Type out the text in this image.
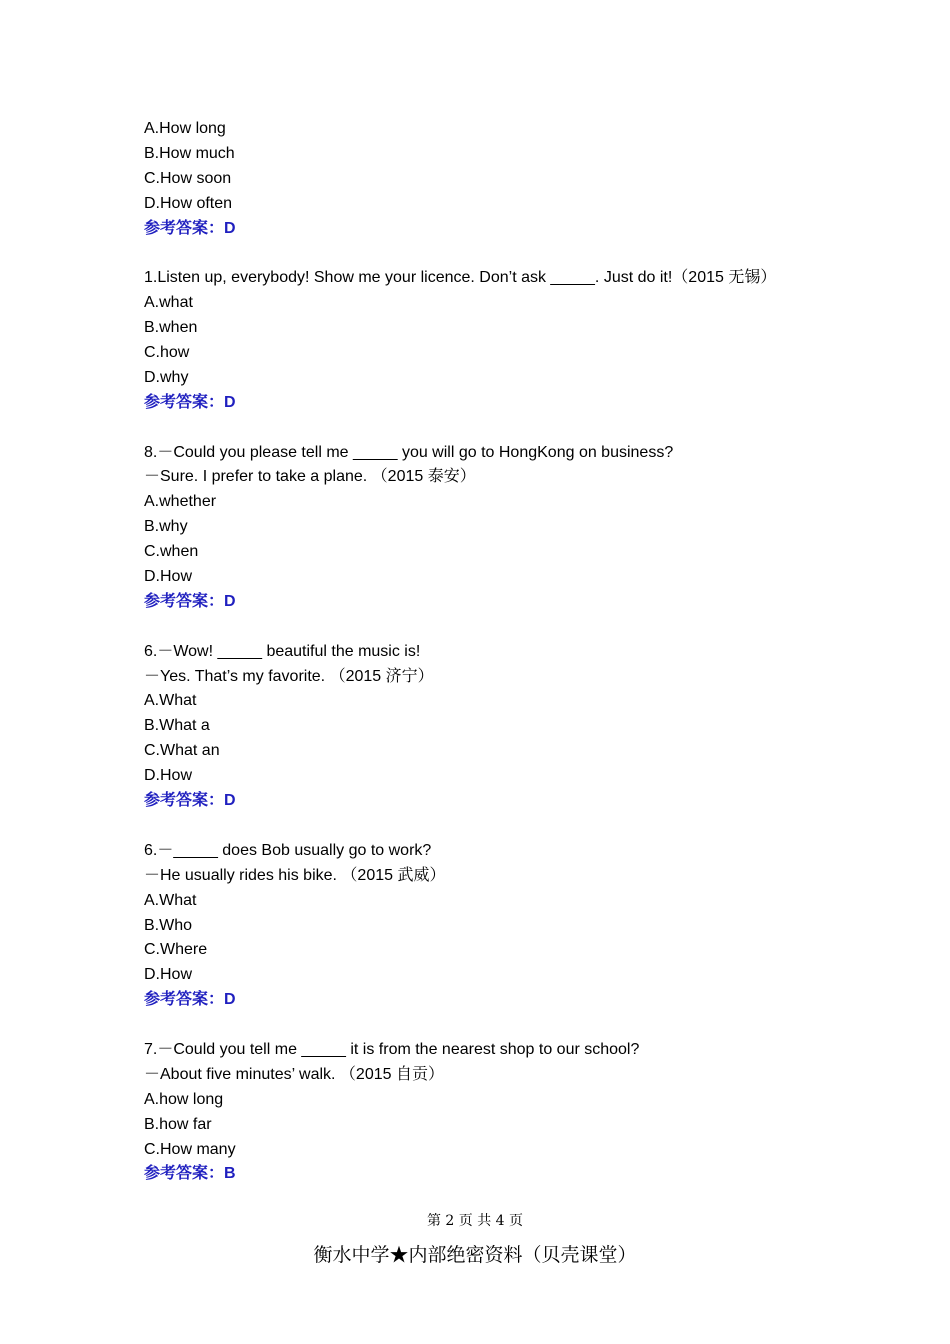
A.How long
B.How much
C.How soon
D.How often
参考答案：D
1.Listen up, everybody! Show me your licence. Don’t ask _____. Just do it!（2015 无锡）
A.what
B.when
C.how
D.why
参考答案：D
8.－Could you please tell me _____ you will go to HongKong on business?
－Sure. I prefer to take a plane. （2015 泰安）
A.whether
B.why
C.when
D.How
参考答案：D
6.－Wow! _____ beautiful the music is!
－Yes. That’s my favorite. （2015 济宁）
A.What
B.What a
C.What an
D.How
参考答案：D
6.－_____ does Bob usually go to work?
－He usually rides his bike. （2015 武威）
A.What
B.Who
C.Where
D.How
参考答案：D
7.－Could you tell me _____ it is from the nearest shop to our school?
－About five minutes’ walk. （2015 自贡）
A.how long
B.how far
C.How many
参考答案：B
第 2 页 共 4 页
衡水中学★内部绝密资料（贝壳课堂）
